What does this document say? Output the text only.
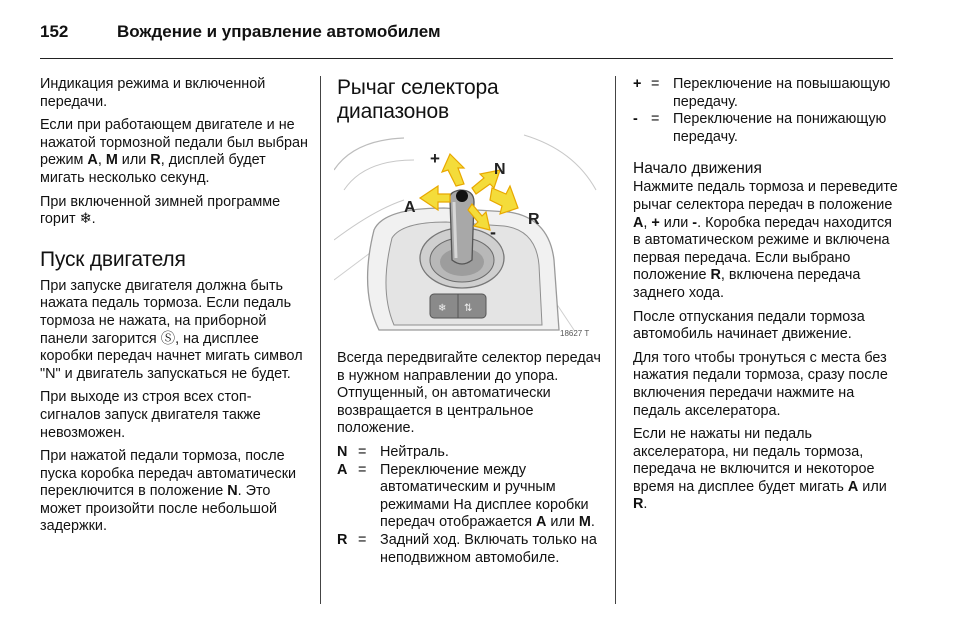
152	Вождение и управление автомобилем

Индикация режима и включенной передачи.

Если при работающем двигателе и не нажатой тормозной педали был выбран режим A, M или R, дисплей будет мигать несколько секунд.

При включенной зимней программе горит ❄.

Пуск двигателя

При запуске двигателя должна быть нажата педаль тормоза. Если педаль тормоза не нажата, на приборной панели загорится Ⓢ, на дисплее коробки передач начнет мигать символ "N" и двигатель запускаться не будет.

При выходе из строя всех стоп-сигналов запуск двигателя также невозможен.

При нажатой педали тормоза, после пуска коробка передач автоматически переключится в положение N. Это может произойти после небольшой задержки.

Рычаг селектора диапазонов
❄ ⇅
+
N
A
R
-
18627 T

Всегда передвигайте селектор передач в нужном направлении до упора. Отпущенный, он автоматически возвращается в центральное положение.

N = Нейтраль.
A = Переключение между автоматическим и ручным режимами На дисплее коробки передач отображается A или M.
R = Задний ход. Включать только на неподвижном автомобиле.
+ = Переключение на повышающую передачу.
- = Переключение на понижающую передачу.
Начало движения

Нажмите педаль тормоза и переведите рычаг селектора передач в положение A, + или -. Коробка передач находится в автоматическом режиме и включена первая передача. Если выбрано положение R, включена передача заднего хода.

После отпускания педали тормоза автомобиль начинает движение.

Для того чтобы тронуться с места без нажатия педали тормоза, сразу после включения передачи нажмите на педаль акселератора.

Если не нажаты ни педаль акселератора, ни педаль тормоза, передача не включится и некоторое время на дисплее будет мигать A или R.
